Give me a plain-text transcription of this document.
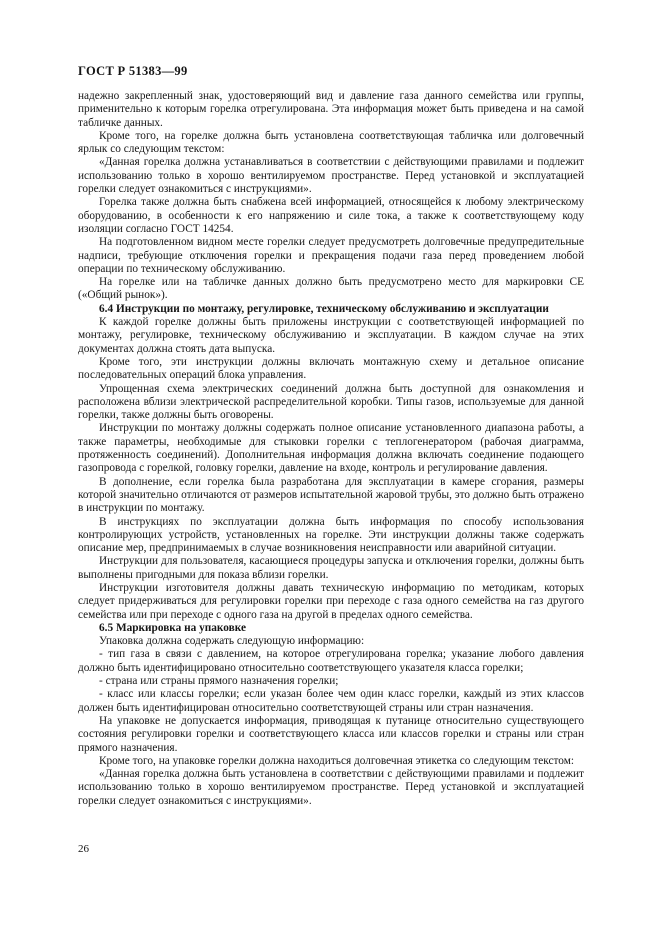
ГОСТ Р 51383—99

надежно закрепленный знак, удостоверяющий вид и давление газа данного семейства или группы, применительно к которым горелка отрегулирована. Эта информация может быть приведена и на самой табличке данных.

Кроме того, на горелке должна быть установлена соответствующая табличка или долговечный ярлык со следующим текстом:

«Данная горелка должна устанавливаться в соответствии с действующими правилами и подлежит использованию только в хорошо вентилируемом пространстве. Перед установкой и эксплуатацией горелки следует ознакомиться с инструкциями».

Горелка также должна быть снабжена всей информацией, относящейся к любому электрическому оборудованию, в особенности к его напряжению и силе тока, а также к соответствующему коду изоляции согласно ГОСТ 14254.

На подготовленном видном месте горелки следует предусмотреть долговечные предупредительные надписи, требующие отключения горелки и прекращения подачи газа перед проведением любой операции по техническому обслуживанию.

На горелке или на табличке данных должно быть предусмотрено место для маркировки СЕ («Общий рынок»).

6.4 Инструкции по монтажу, регулировке, техническому обслуживанию и эксплуатации

К каждой горелке должны быть приложены инструкции с соответствующей информацией по монтажу, регулировке, техническому обслуживанию и эксплуатации. В каждом случае на этих документах должна стоять дата выпуска.

Кроме того, эти инструкции должны включать монтажную схему и детальное описание последовательных операций блока управления.

Упрощенная схема электрических соединений должна быть доступной для ознакомления и расположена вблизи электрической распределительной коробки. Типы газов, используемые для данной горелки, также должны быть оговорены.

Инструкции по монтажу должны содержать полное описание установленного диапазона работы, а также параметры, необходимые для стыковки горелки с теплогенератором (рабочая диаграмма, протяженность соединений). Дополнительная информация должна включать соединение подающего газопровода с горелкой, головку горелки, давление на входе, контроль и регулирование давления.

В дополнение, если горелка была разработана для эксплуатации в камере сгорания, размеры которой значительно отличаются от размеров испытательной жаровой трубы, это должно быть отражено в инструкции по монтажу.

В инструкциях по эксплуатации должна быть информация по способу использования контролирующих устройств, установленных на горелке. Эти инструкции должны также содержать описание мер, предпринимаемых в случае возникновения неисправности или аварийной ситуации.

Инструкции для пользователя, касающиеся процедуры запуска и отключения горелки, должны быть выполнены пригодными для показа вблизи горелки.

Инструкции изготовителя должны давать техническую информацию по методикам, которых следует придерживаться для регулировки горелки при переходе с газа одного семейства на газ другого семейства или при переходе с одного газа на другой в пределах одного семейства.

6.5 Маркировка на упаковке

Упаковка должна содержать следующую информацию:

- тип газа в связи с давлением, на которое отрегулирована горелка; указание любого давления должно быть идентифицировано относительно соответствующего указателя класса горелки;

- страна или страны прямого назначения горелки;

- класс или классы горелки; если указан более чем один класс горелки, каждый из этих классов должен быть идентифицирован относительно соответствующей страны или стран назначения.

На упаковке не допускается информация, приводящая к путанице относительно существующего состояния регулировки горелки и соответствующего класса или классов горелки и страны или стран прямого назначения.

Кроме того, на упаковке горелки должна находиться долговечная этикетка со следующим текстом:

«Данная горелка должна быть установлена в соответствии с действующими правилами и подлежит использованию только в хорошо вентилируемом пространстве. Перед установкой и эксплуатацией горелки следует ознакомиться с инструкциями».

26
